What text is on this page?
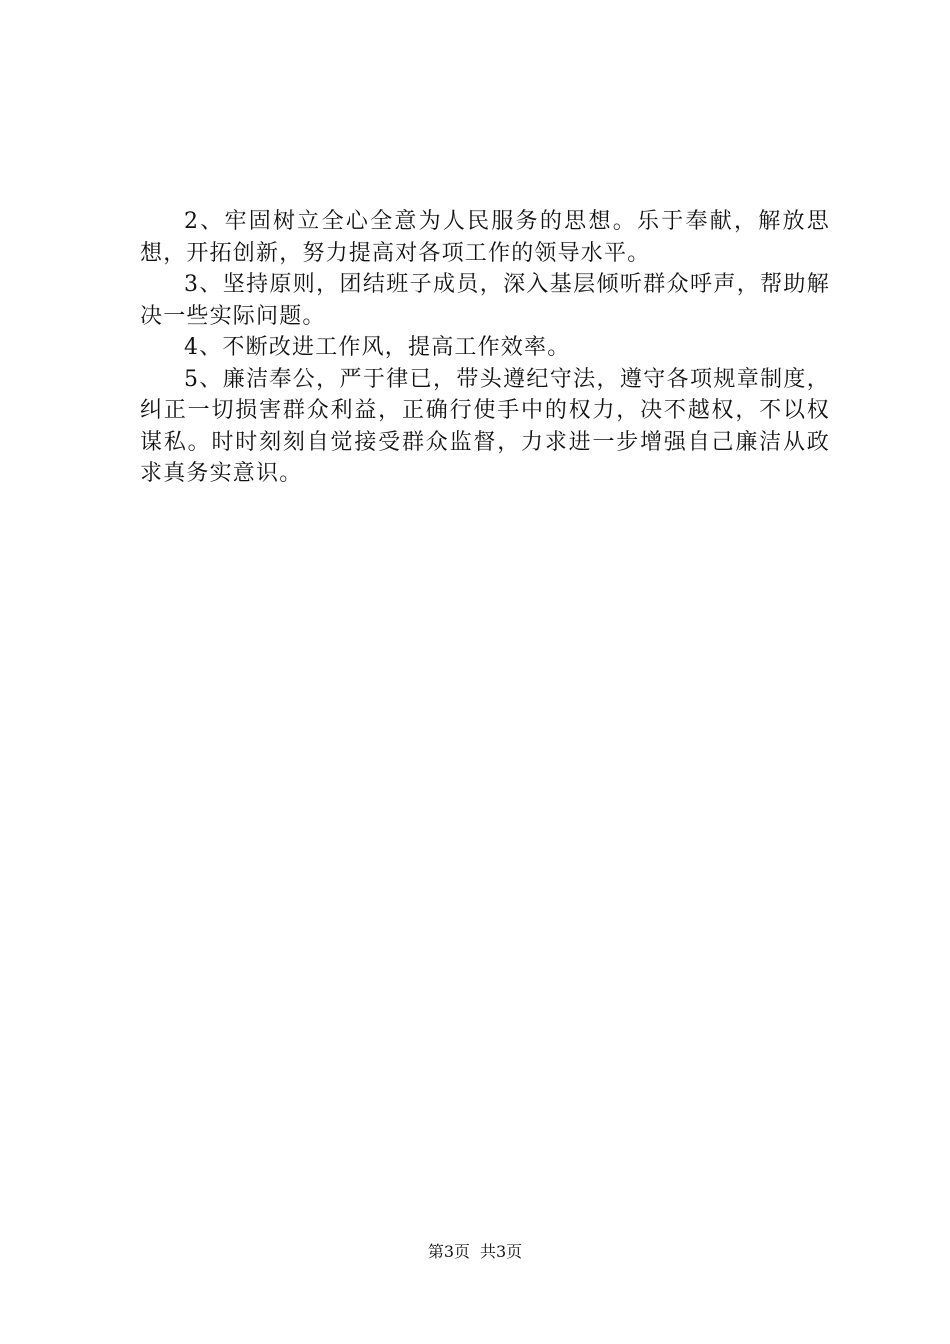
2、牢固树立全心全意为人民服务的思想。乐于奉献，解放思想，开拓创新，努力提高对各项工作的领导水平。

3、坚持原则，团结班子成员，深入基层倾听群众呼声，帮助解决一些实际问题。

4、不断改进工作风，提高工作效率。

5、廉洁奉公，严于律已，带头遵纪守法，遵守各项规章制度，纠正一切损害群众利益，正确行使手中的权力，决不越权，不以权谋私。时时刻刻自觉接受群众监督，力求进一步增强自己廉洁从政求真务实意识。

第3页 共3页
